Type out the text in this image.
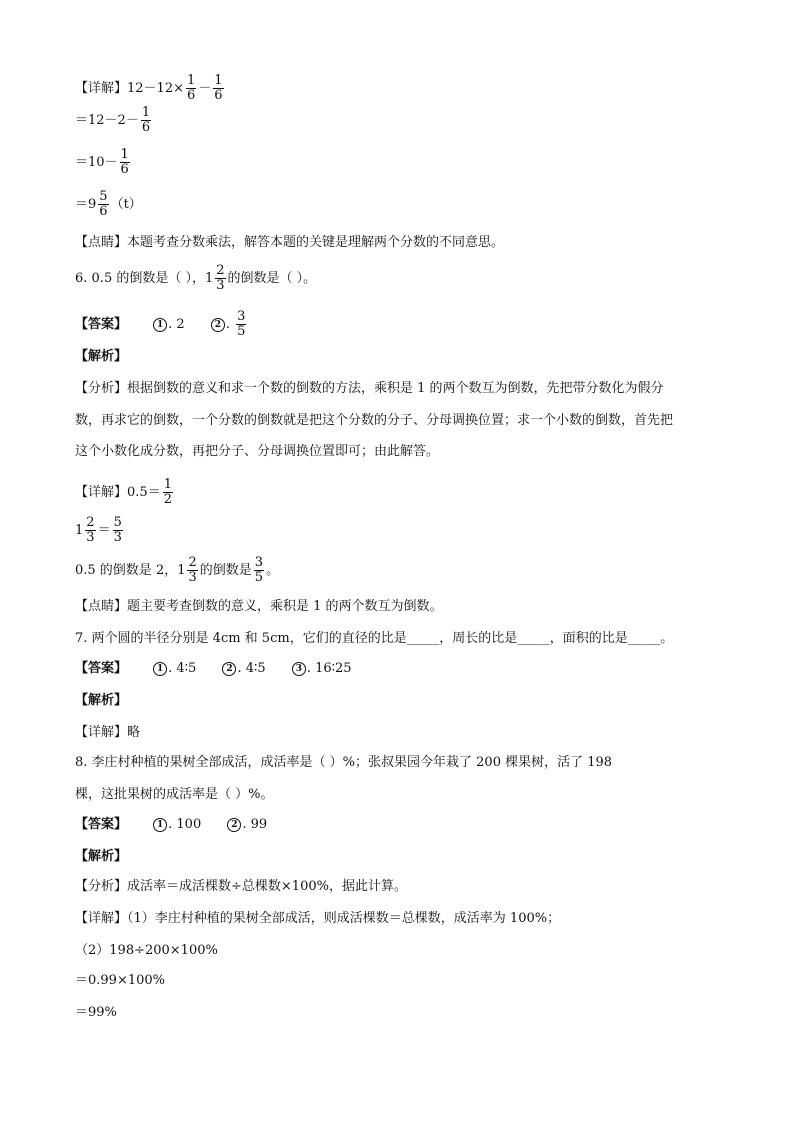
【详解】$12-12\times \frac{1}{6} - \frac{1}{6}$
$=12-2- \frac{1}{6}$
$=10- \frac{1}{6}$
$=9 \frac{5}{6} (t)$
【点睛】本题考查分数乘法，解答本题的关键是理解两个分数的不同意思。
6. 0.5 的倒数是（ ），$1 \frac{2}{3}$ 的倒数是（ ）。
【答案】	1 . 2	2 . $\frac{3}{5}$
【解析】
【分析】根据倒数的意义和求一个数的倒数的方法，乘积是 1 的两个数互为倒数，先把带分数化为假分
数，再求它的倒数，一个分数的倒数就是把这个分数的分子、分母调换位置；求一个小数的倒数，首先把
这个小数化成分数，再把分子、分母调换位置即可；由此解答。
【详解】$0.5= \frac{1}{2}$
$1 \frac{2}{3} = \frac{5}{3}$
0.5 的倒数是 2，$1 \frac{2}{3}$ 的倒数是 $\frac{3}{5}$ 。
【点睛】题主要考查倒数的意义，乘积是 1 的两个数互为倒数。
7. 两个圆的半径分别是 4cm 和 5cm，它们的直径的比是_____，周长的比是_____，面积的比是_____。
【答案】	1 . 4∶5	2 . 4∶5	3 . 16∶25
【解析】
【详解】略
8. 李庄村种植的果树全部成活，成活率是（ ）%；张叔果园今年栽了 200 棵果树，活了 198
棵，这批果树的成活率是（ ）%。
【答案】	1 . 100	2 . 99
【解析】
【分析】成活率＝成活棵数÷总棵数×100%，据此计算。
【详解】（1）李庄村种植的果树全部成活，则成活棵数＝总棵数，成活率为 100%；
（2）198÷200×100%
＝0.99×100%
＝99%
